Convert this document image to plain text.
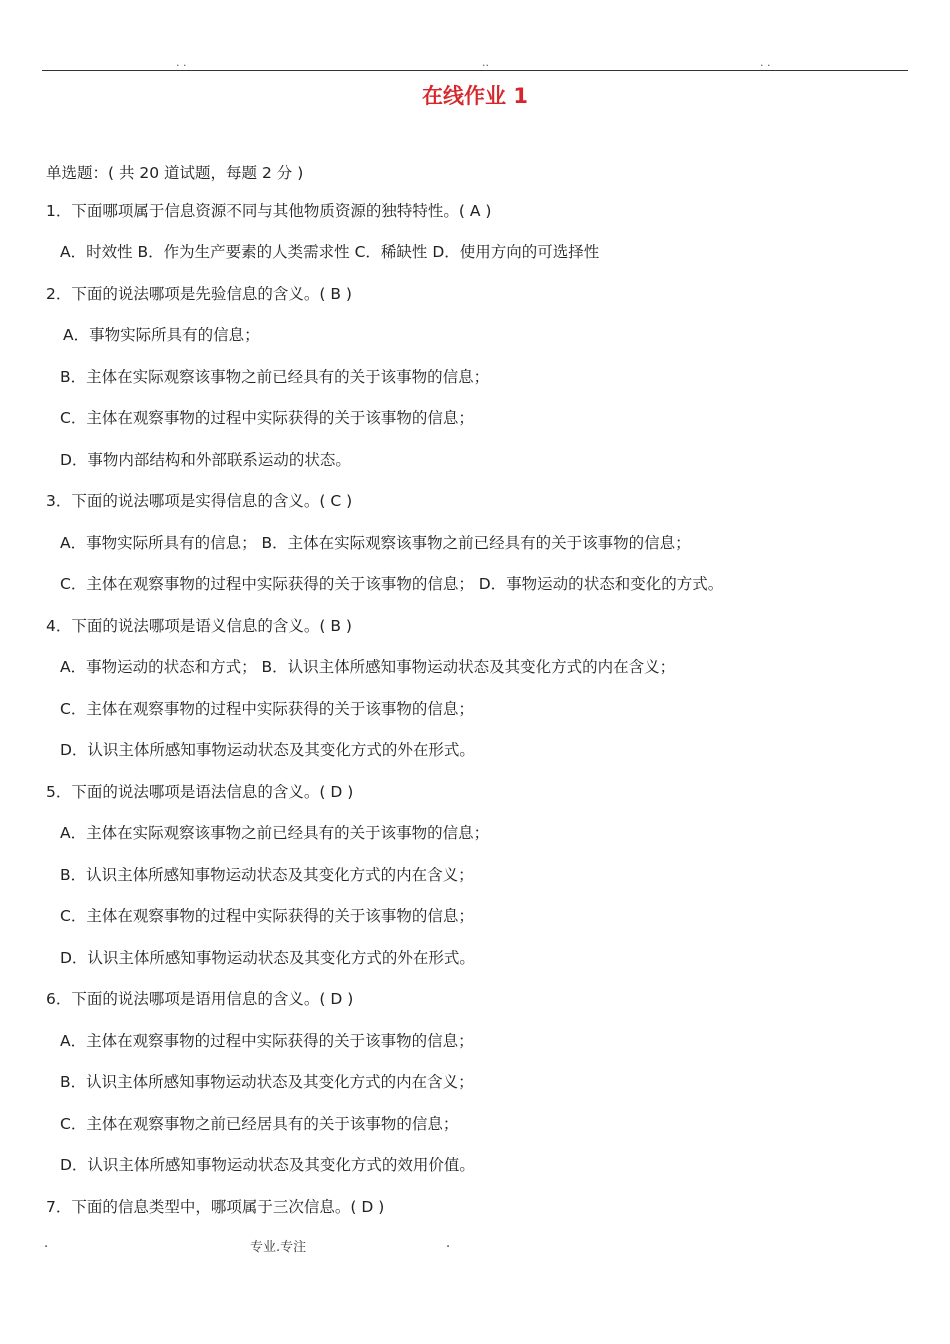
. .	..	. .
在线作业 1
单选题：( 共 20 道试题，每题 2 分 )
1．下面哪项属于信息资源不同与其他物质资源的独特特性。( A )
A．时效性 B．作为生产要素的人类需求性 C．稀缺性 D．使用方向的可选择性
2．下面的说法哪项是先验信息的含义。( B )
A．事物实际所具有的信息；
B．主体在实际观察该事物之前已经具有的关于该事物的信息；
C．主体在观察事物的过程中实际获得的关于该事物的信息；
D．事物内部结构和外部联系运动的状态。
3．下面的说法哪项是实得信息的含义。( C )
A．事物实际所具有的信息； B．主体在实际观察该事物之前已经具有的关于该事物的信息；
C．主体在观察事物的过程中实际获得的关于该事物的信息； D．事物运动的状态和变化的方式。
4．下面的说法哪项是语义信息的含义。( B )
A．事物运动的状态和方式； B．认识主体所感知事物运动状态及其变化方式的内在含义；
C．主体在观察事物的过程中实际获得的关于该事物的信息；
D．认识主体所感知事物运动状态及其变化方式的外在形式。
5．下面的说法哪项是语法信息的含义。( D )
A．主体在实际观察该事物之前已经具有的关于该事物的信息；
B．认识主体所感知事物运动状态及其变化方式的内在含义；
C．主体在观察事物的过程中实际获得的关于该事物的信息；
D．认识主体所感知事物运动状态及其变化方式的外在形式。
6．下面的说法哪项是语用信息的含义。( D )
A．主体在观察事物的过程中实际获得的关于该事物的信息；
B．认识主体所感知事物运动状态及其变化方式的内在含义；
C．主体在观察事物之前已经居具有的关于该事物的信息；
D．认识主体所感知事物运动状态及其变化方式的效用价值。
7．下面的信息类型中，哪项属于三次信息。( D )
.	专业.专注	.
